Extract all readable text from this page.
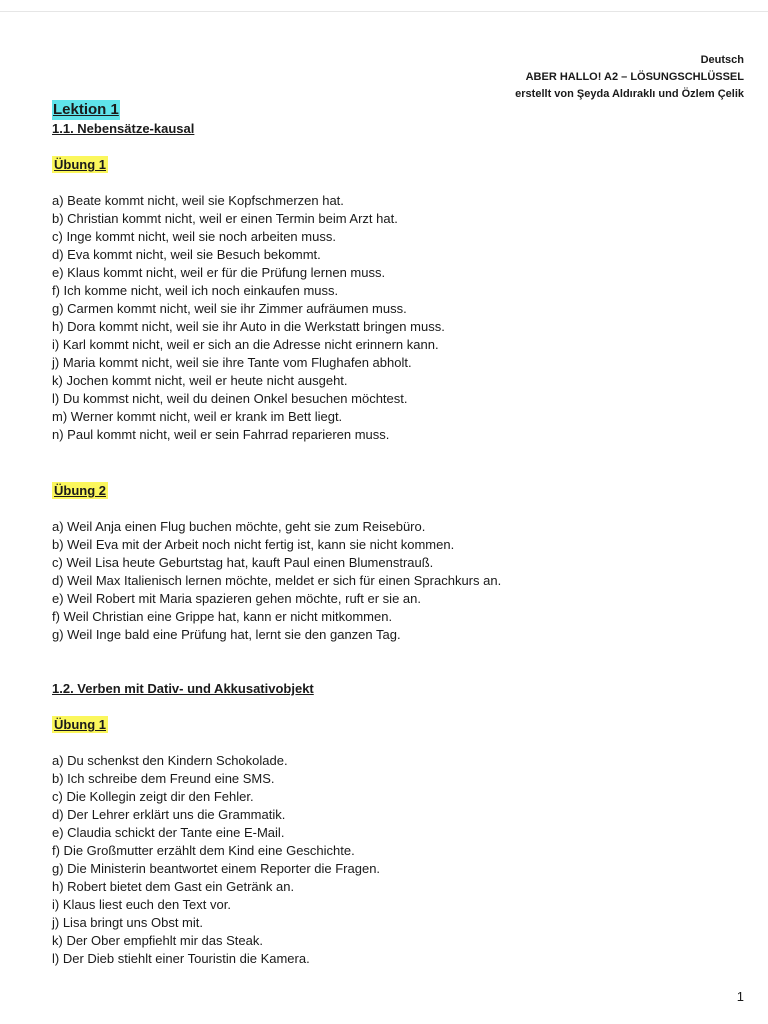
Deutsch
ABER HALLO! A2 – LÖSUNGSCHLÜSSEL
erstellt von Şeyda Aldıraklı und Özlem Çelik
Lektion 1
1.1. Nebensätze-kausal
Übung 1
a) Beate kommt nicht, weil sie Kopfschmerzen hat.
b) Christian kommt nicht, weil er einen Termin beim Arzt hat.
c) Inge kommt nicht, weil sie noch arbeiten muss.
d) Eva kommt nicht, weil sie Besuch bekommt.
e) Klaus kommt nicht, weil er für die Prüfung lernen muss.
f) Ich komme nicht, weil ich noch einkaufen muss.
g) Carmen kommt nicht, weil sie ihr Zimmer aufräumen muss.
h) Dora kommt nicht, weil sie ihr Auto in die Werkstatt bringen muss.
i) Karl kommt nicht, weil er sich an die Adresse nicht erinnern kann.
j) Maria kommt nicht, weil sie ihre Tante vom Flughafen abholt.
k) Jochen kommt nicht, weil er heute nicht ausgeht.
l) Du kommst nicht, weil du deinen Onkel besuchen möchtest.
m) Werner kommt nicht, weil er krank im Bett liegt.
n) Paul kommt nicht, weil er sein Fahrrad reparieren muss.
Übung 2
a) Weil Anja einen Flug buchen möchte, geht sie zum Reisebüro.
b) Weil Eva mit der Arbeit noch nicht fertig ist, kann sie nicht kommen.
c) Weil Lisa heute Geburtstag hat, kauft Paul einen Blumenstrauß.
d) Weil Max Italienisch lernen möchte, meldet er sich für einen Sprachkurs an.
e) Weil Robert mit Maria spazieren gehen möchte, ruft er sie an.
f) Weil Christian eine Grippe hat, kann er nicht mitkommen.
g) Weil Inge bald eine Prüfung hat, lernt sie den ganzen Tag.
1.2. Verben mit Dativ- und Akkusativobjekt
Übung 1
a) Du schenkst den Kindern Schokolade.
b) Ich schreibe dem Freund eine SMS.
c) Die Kollegin zeigt dir den Fehler.
d) Der Lehrer erklärt uns die Grammatik.
e) Claudia schickt der Tante eine E-Mail.
f) Die Großmutter erzählt dem Kind eine Geschichte.
g) Die Ministerin beantwortet einem Reporter die Fragen.
h) Robert bietet dem Gast ein Getränk an.
i) Klaus liest euch den Text vor.
j) Lisa bringt uns Obst mit.
k) Der Ober empfiehlt mir das Steak.
l) Der Dieb stiehlt einer Touristin die Kamera.
1
